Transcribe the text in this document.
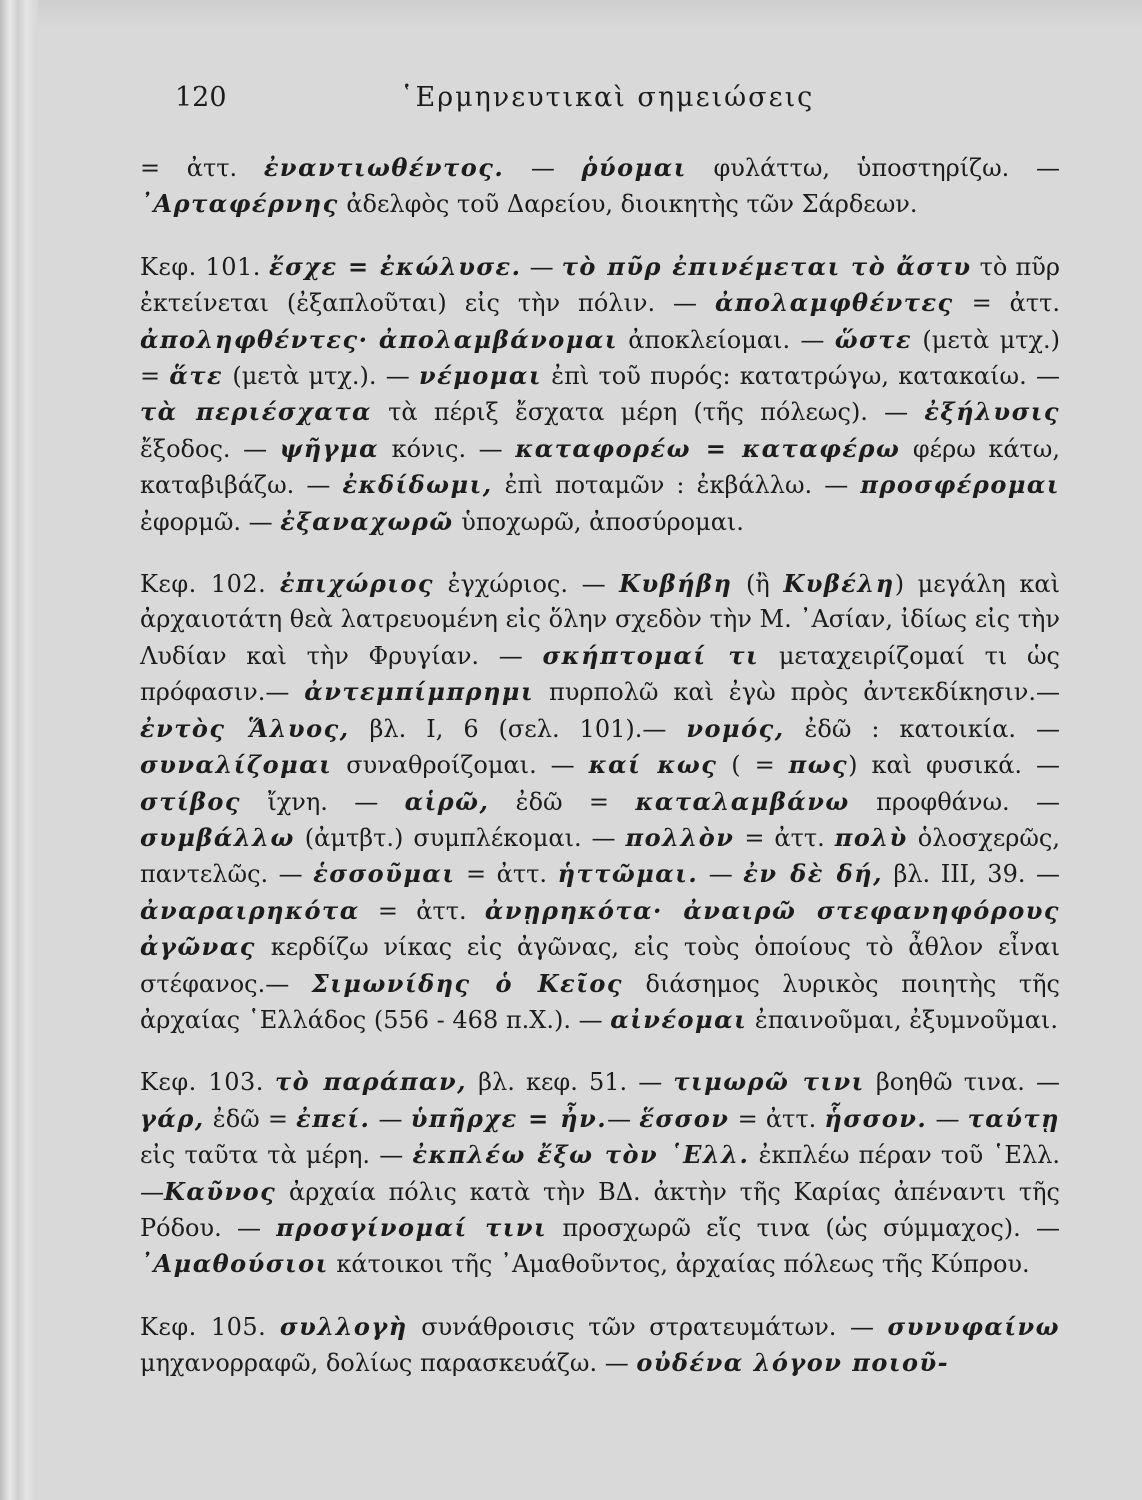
120	῾Ερμηνευτικαὶ σημειώσεις

= ἀττ. ἐναντιωθέντος. — ῥύομαι φυλάττω, ὑποστηρίζω. — ᾿Αρταφέρνης ἀδελφὸς τοῦ Δαρείου, διοικητὴς τῶν Σάρδεων.

Κεφ. 101. ἔσχε = ἐκώλυσε. — τὸ πῦρ ἐπινέμεται τὸ ἄστυ τὸ πῦρ ἐκτείνεται (ἐξαπλοῦται) εἰς τὴν πόλιν. — ἀπολαμφθέντες = ἀττ. ἀποληφθέντες· ἀπολαμβάνομαι ἀποκλείομαι. — ὥστε (μετὰ μτχ.) = ἅτε (μετὰ μτχ.). — νέμομαι ἐπὶ τοῦ πυρός: κατατρώγω, κατακαίω. — τὰ περιέσχατα τὰ πέριξ ἔσχατα μέρη (τῆς πόλεως). — ἐξήλυσις ἔξοδος. — ψῆγμα κόνις. — καταφορέω = καταφέρω φέρω κάτω, καταβιβάζω. — ἐκδίδωμι, ἐπὶ ποταμῶν : ἐκβάλλω. — προσφέρομαι ἐφορμῶ. — ἐξαναχωρῶ ὑποχωρῶ, ἀποσύρομαι.

Κεφ. 102. ἐπιχώριος ἐγχώριος. — Κυβήβη (ἢ Κυβέλη) μεγάλη καὶ ἀρχαιοτάτη θεὰ λατρευομένη εἰς ὅλην σχεδὸν τὴν Μ. ᾿Ασίαν, ἰδίως εἰς τὴν Λυδίαν καὶ τὴν Φρυγίαν. — σκήπτομαί τι μεταχειρίζομαί τι ὡς πρόφασιν.— ἀντεμπίμπρημι πυρπολῶ καὶ ἐγὼ πρὸς ἀντεκδίκησιν.— ἐντὸς Ἅλυος, βλ. I, 6 (σελ. 101).— νομός, ἐδῶ : κατοικία. —συναλίζομαι συναθροίζομαι. — καί κως ( = πως) καὶ φυσικά. — στίβος ἴχνη. — αἱρῶ, ἐδῶ = καταλαμβάνω προφθάνω. — συμβάλλω (ἀμτβτ.) συμπλέκομαι. — πολλὸν = ἀττ. πολὺ ὁλοσχερῶς, παντελῶς. — ἑσσοῦμαι = ἀττ. ἡττῶμαι. — ἐν δὲ δή, βλ. III, 39. — ἀναραιρηκότα = ἀττ. ἀνῃρηκότα· ἀναιρῶ στεφανηφόρους ἀγῶνας κερδίζω νίκας εἰς ἀγῶνας, εἰς τοὺς ὁποίους τὸ ἆθλον εἶναι στέφανος.— Σιμωνίδης ὁ Κεῖος διάσημος λυρικὸς ποιητὴς τῆς ἀρχαίας ῾Ελλάδος (556 - 468 π.Χ.). — αἰνέομαι ἐπαινοῦμαι, ἐξυμνοῦμαι.

Κεφ. 103. τὸ παράπαν, βλ. κεφ. 51. — τιμωρῶ τινι βοηθῶ τινα. — γάρ, ἐδῶ = ἐπεί. — ὑπῆρχε = ἦν.— ἕσσον = ἀττ. ἧσσον. — ταύτῃ εἰς ταῦτα τὰ μέρη. — ἐκπλέω ἔξω τὸν ῾Ελλ. ἐκπλέω πέραν τοῦ ῾Ελλ.—Καῦνος ἀρχαία πόλις κατὰ τὴν ΒΔ. ἀκτὴν τῆς Καρίας ἀπέναντι τῆς Ρόδου. — προσγίνομαί τινι προσχωρῶ εἴς τινα (ὡς σύμμαχος). — ᾿Αμαθούσιοι κάτοικοι τῆς ᾿Αμαθοῦντος, ἀρχαίας πόλεως τῆς Κύπρου.

Κεφ. 105. συλλογὴ συνάθροισις τῶν στρατευμάτων. — συνυφαίνω μηχανορραφῶ, δολίως παρασκευάζω. — οὐδένα λόγον ποιοῦ-
